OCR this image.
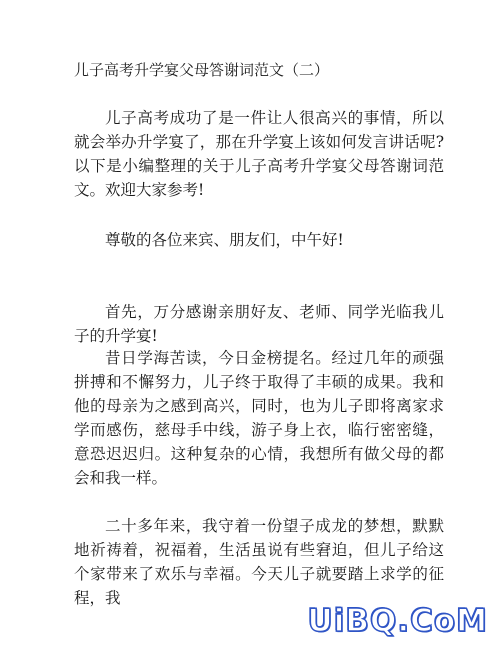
儿子高考升学宴父母答谢词范文（二）

儿子高考成功了是一件让人很高兴的事情，所以就会举办升学宴了，那在升学宴上该如何发言讲话呢?以下是小编整理的关于儿子高考升学宴父母答谢词范文。欢迎大家参考!

尊敬的各位来宾、朋友们，中午好!

首先，万分感谢亲朋好友、老师、同学光临我儿子的升学宴!

昔日学海苦读，今日金榜提名。经过几年的顽强拼搏和不懈努力，儿子终于取得了丰硕的成果。我和他的母亲为之感到高兴，同时，也为儿子即将离家求学而感伤，慈母手中线，游子身上衣，临行密密缝，意恐迟迟归。这种复杂的心情，我想所有做父母的都会和我一样。

二十多年来，我守着一份望子成龙的梦想，默默地祈祷着，祝福着，生活虽说有些窘迫，但儿子给这个家带来了欢乐与幸福。今天儿子就要踏上求学的征程，我

UiBQ.CoM
